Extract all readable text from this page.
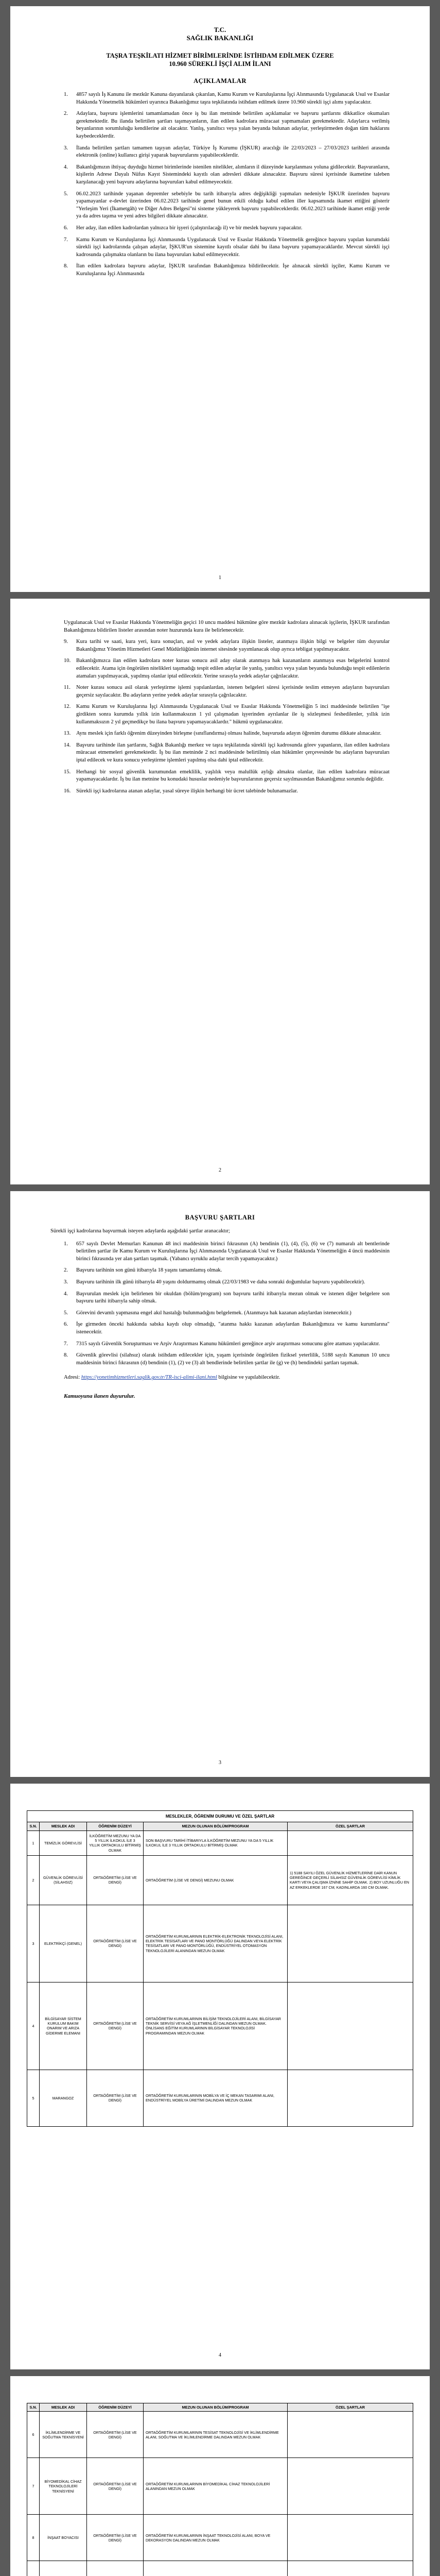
T.C.
SAĞLIK BAKANLIĞI
TAŞRA TEŞKİLATI HİZMET BİRİMLERİNDE İSTİHDAM EDİLMEK ÜZERE
10.960 SÜREKLİ İŞÇİ ALIM İLANI
AÇIKLAMALAR
1.	4857 sayılı İş Kanunu ile mezkûr Kanuna dayanılarak çıkarılan, Kamu Kurum ve Kuruluşlarına İşçi Alınmasında Uygulanacak Usul ve Esaslar Hakkında Yönetmelik hükümleri uyarınca Bakanlığımız taşra teşkilatında istihdam edilmek üzere 10.960 sürekli işçi alımı yapılacaktır.
2.	Adaylara, başvuru işlemlerini tamamlamadan önce iş bu ilan metninde belirtilen açıklamalar ve başvuru şartlarını dikkatlice okumaları gerekmektedir. Bu ilanda belirtilen şartları taşımayanların, ilan edilen kadrolara müracaat yapmamaları gerekmektedir. Adaylarca verilmiş beyanlarının sorumluluğu kendilerine ait olacaktır. Yanlış, yanıltıcı veya yalan beyanda bulunan adaylar, yerleştirmeden doğan tüm haklarını kaybedeceklerdir.
3.	İlanda belirtilen şartları tamamen taşıyan adaylar, Türkiye İş Kurumu (İŞKUR) aracılığı ile 22/03/2023 – 27/03/2023 tarihleri arasında elektronik (online) kullanıcı girişi yaparak başvurularını yapabileceklerdir.
4.	Bakanlığımızın ihtiyaç duyduğu hizmet birimlerinde istenilen nitelikler, alımların il düzeyinde karşılanması yoluna gidilecektir. Başvuranların, kişilerin Adrese Dayalı Nüfus Kayıt Sistemindeki kayıtlı olan adresleri dikkate alınacaktır. Başvuru süresi içerisinde ikametine taleben karşılanacağı yeni başvuru adaylarına başvuruları kabul edilmeyecektir.
5.	06.02.2023 tarihinde yaşanan depremler sebebiyle bu tarih itibarıyla adres değişikliği yapmaları nedeniyle İŞKUR üzerinden başvuru yapamayanlar e-devlet üzerinden 06.02.2023 tarihinde genel bunun etkili olduğu kabul edilen iller kapsamında ikamet ettiğini gösterir "Yerleşim Yeri (İkametgâh) ve Diğer Adres Belgesi"ni sisteme yükleyerek başvuru yapabileceklerdir. 06.02.2023 tarihinde ikamet ettiği yerde ya da adres taşıma ve yeni adres bilgileri dikkate alınacaktır.
6.	Her aday, ilan edilen kadrolardan yalnızca bir işyeri (çalıştırılacağı il) ve bir meslek başvuru yapacaktır.
7.	Kamu Kurum ve Kuruluşlarına İşçi Alınmasında Uygulanacak Usul ve Esaslar Hakkında Yönetmelik gereğince başvuru yapılan kurumdaki sürekli işçi kadrolarında çalışan adaylar, İŞKUR'un sistemine kayıtlı olsalar dahi bu ilana başvuru yapamayacaklardır. Mevcut sürekli işçi kadrosunda çalışmakta olanların bu ilana başvuruları kabul edilmeyecektir.
8.	İlan edilen kadrolara başvuru adaylar, İŞKUR tarafından Bakanlığımıza bildirilecektir. İşe alınacak sürekli işçiler, Kamu Kurum ve Kuruluşlarına İşçi Alınmasında
1

Uygulanacak Usul ve Esaslar Hakkında Yönetmeliğin geçici 10 uncu maddesi hükmüne göre mezkûr kadrolara alınacak işçilerin, İŞKUR tarafından Bakanlığımıza bildirilen listeler arasından noter huzurunda kura ile belirlenecektir.

9.	Kura tarihi ve saati, kura yeri, kura sonuçları, asıl ve yedek adaylara ilişkin listeler, atanmaya ilişkin bilgi ve belgeler tüm duyurular Bakanlığımız Yönetim Hizmetleri Genel Müdürlüğünün internet sitesinde yayımlanacak olup ayrıca tebligat yapılmayacaktır.
10.	Bakanlığımızca ilan edilen kadrolara noter kurası sonucu asil aday olarak atanmaya hak kazananların atanmaya esas belgelerini kontrol edilecektir. Atama için öngörülen nitelikleri taşımadığı tespit edilen adaylar ile yanlış, yanıltıcı veya yalan beyanda bulunduğu tespit edilenlerin atamaları yapılmayacak, yapılmış olanlar iptal edilecektir. Yerine sırasıyla yedek adaylar çağrılacaktır.
11.	Noter kurası sonucu asil olarak yerleştirme işlemi yapılanlardan, istenen belgeleri süresi içerisinde teslim etmeyen adayların başvuruları geçersiz sayılacaktır. Bu adayların yerine yedek adaylar sırasıyla çağrılacaktır.
12.	Kamu Kurum ve Kuruluşlarına İşçi Alınmasında Uygulanacak Usul ve Esaslar Hakkında Yönetmeliğin 5 inci maddesinde belirtilen "işe girdikten sonra kurumda yıllık izin kullanmaksızın 1 yıl çalışmadan işyerinden ayrılanlar ile iş sözleşmesi feshedilenler, yıllık izin kullanmaksızın 2 yıl geçmedikçe bu ilana başvuru yapamayacaklardır." hükmü uygulanacaktır.
13.	Aynı meslek için farklı öğrenim düzeyinden birleşme (sınıflandırma) olması halinde, başvuruda adayın öğrenim durumu dikkate alınacaktır.
14.	Başvuru tarihinde ilan şartlarını, Sağlık Bakanlığı merkez ve taşra teşkilatında sürekli işçi kadrosunda görev yapanların, ilan edilen kadrolara müracaat etmemeleri gerekmektedir. İş bu ilan metninde 2 nci maddesinde belirtilmiş olan hükümler çerçevesinde bu adayların başvuruları iptal edilecek ve kura sonucu yerleştirme işlemleri yapılmış olsa dahi iptal edilecektir.
15.	Herhangi bir sosyal güvenlik kurumundan emeklilik, yaşlılık veya malullük aylığı almakta olanlar, ilan edilen kadrolara müracaat yapamayacaklardır. İş bu ilan metnine bu konudaki hususlar nedeniyle başvurularının geçersiz sayılmasından Bakanlığımız sorumlu değildir.
16.	Sürekli işçi kadrolarına atanan adaylar, yasal süreye ilişkin herhangi bir ücret talebinde bulunamazlar.
2
BAŞVURU ŞARTLARI

Sürekli işçi kadrolarına başvurmak isteyen adaylarda aşağıdaki şartlar aranacaktır;

1.	657 sayılı Devlet Memurları Kanunun 48 inci maddesinin birinci fıkrasının (A) bendinin (1), (4), (5), (6) ve (7) numaralı alt bentlerinde belirtilen şartlar ile Kamu Kurum ve Kuruluşlarına İşçi Alınmasında Uygulanacak Usul ve Esaslar Hakkında Yönetmeliğin 4 üncü maddesinin birinci fıkrasında yer alan şartları taşımak. (Yabancı uyruklu adaylar tercih yapamayacaktır.)
2.	Başvuru tarihinin son günü itibarıyla 18 yaşını tamamlamış olmak.
3.	Başvuru tarihinin ilk günü itibarıyla 40 yaşını doldurmamış olmak (22/03/1983 ve daha sonraki doğumlular başvuru yapabilecektir).
4.	Başvurulan meslek için belirlenen bir okuldan (bölüm/program) son başvuru tarihi itibarıyla mezun olmak ve istenen diğer belgelere son başvuru tarihi itibarıyla sahip olmak.
5.	Görevini devamlı yapmasına engel akıl hastalığı bulunmadığını belgelemek. (Atanmaya hak kazanan adaylardan istenecektir.)
6.	İşe girmeden önceki hakkında sabıka kaydı olup olmadığı, "atanma hakkı kazanan adaylardan Bakanlığımıza ve kamu kurumlarına" istenecektir.
7.	7315 sayılı Güvenlik Soruşturması ve Arşiv Araştırması Kanunu hükümleri gereğince arşiv araştırması sonucunu göre ataması yapılacaktır.
8.	Güvenlik görevlisi (silahsız) olarak istihdam edilecekler için, yaşam içerisinde öngörülen fiziksel yeterlilik, 5188 sayılı Kanunun 10 uncu maddesinin birinci fıkrasının (d) bendinin (1), (2) ve (3) alt bendlerinde belirtilen şartlar ile (g) ve (h) bendindeki şartları taşımak.
Adresi: https://yonetimhizmetleri.saglik.gov.tr/TR-isci-alimi-ilani.html bilgisine ve yapılabilecektir.
Kamuoyuna ilanen duyurulur.
3
MESLEKLER, ÖĞRENİM DURUMU VE ÖZEL ŞARTLAR				
S.N.	MESLEK ADI	ÖĞRENİM DÜZEYİ	MEZUN OLUNAN BÖLÜM/PROGRAM	ÖZEL ŞARTLAR
1	TEMİZLİK GÖREVLİSİ	İLKÖĞRETİM MEZUNU YA DA 5 YILLIK İLKOKUL İLE 3 YILLIK ORTAOKULU BİTİRMİŞ OLMAK	SON BAŞVURU TARİHİ İTİBARIYLA İLKÖĞRETİM MEZUNU YA DA 5 YILLIK İLKOKUL İLE 3 YILLIK ORTAOKULU BİTİRMİŞ OLMAK	
2	GÜVENLİK GÖREVLİSİ (SİLAHSIZ)	ORTAÖĞRETİM (LİSE VE DENGİ)	ORTAÖĞRETİM (LİSE VE DENGİ) MEZUNU OLMAK	1) 5188 SAYILI ÖZEL GÜVENLİK HİZMETLERİNE DAİR KANUN GEREĞİNCE GEÇERLİ SİLAHSIZ GÜVENLİK GÖREVLİSİ KİMLİK KARTI VEYA ÇALIŞMA İZNİNE SAHİP OLMAK. 2) BOY UZUNLUĞU EN AZ ERKEKLERDE 167 CM, KADINLARDA 160 CM OLMAK.
3	ELEKTRİKÇİ (GENEL)	ORTAÖĞRETİM (LİSE VE DENGİ)	ORTAÖĞRETİM KURUMLARININ ELEKTRİK-ELEKTRONİK TEKNOLOJİSİ ALANI, ELEKTRİK TESİSATLARI VE PANO MONTÖRLÜĞÜ DALINDAN VEYA ELEKTRİK TESİSATLARI VE PANO MONTÖRLÜĞÜ, ENDÜSTRİYEL OTOMASYON TEKNOLOJİLERİ ALANINDAN MEZUN OLMAK	
4	BİLGİSAYAR SİSTEM KURULUM BAKIM ONARIM VE ARIZA GİDERME ELEMANI	ORTAÖĞRETİM (LİSE VE DENGİ)	ORTAÖĞRETİM KURUMLARININ BİLİŞİM TEKNOLOJİLERİ ALANI, BİLGİSAYAR TEKNİK SERVİSİ VEYA AĞ İŞLETMENLİĞİ DALINDAN MEZUN OLMAK. ÖNLİSANS EĞİTİM KURUMLARININ BİLGİSAYAR TEKNOLOJİSİ PROGRAMINDAN MEZUN OLMAK	
5	MARANGOZ	ORTAÖĞRETİM (LİSE VE DENGİ)	ORTAÖĞRETİM KURUMLARININ MOBİLYA VE İÇ MEKAN TASARIMI ALANI, ENDÜSTRİYEL MOBİLYA ÜRETİMİ DALINDAN MEZUN OLMAK	
4
S.N.	MESLEK ADI	ÖĞRENİM DÜZEYİ	MEZUN OLUNAN BÖLÜM/PROGRAM	ÖZEL ŞARTLAR
6	İKLİMLENDİRME VE SOĞUTMA TEKNİSYENİ	ORTAÖĞRETİM (LİSE VE DENGİ)	ORTAÖĞRETİM KURUMLARININ TESİSAT TEKNOLOJİSİ VE İKLİMLENDİRME ALANI, SOĞUTMA VE İKLİMLENDİRME DALINDAN MEZUN OLMAK	
7	BİYOMEDİKAL CİHAZ TEKNOLOJİLERİ TEKNİSYENİ	ORTAÖĞRETİM (LİSE VE DENGİ)	ORTAÖĞRETİM KURUMLARININ BİYOMEDİKAL CİHAZ TEKNOLOJİLERİ ALANINDAN MEZUN OLMAK	
8	İNŞAAT BOYACISI	ORTAÖĞRETİM (LİSE VE DENGİ)	ORTAÖĞRETİM KURUMLARININ İNŞAAT TEKNOLOJİSİ ALANI, BOYA VE DEKORASYON DALINDAN MEZUN OLMAK	
